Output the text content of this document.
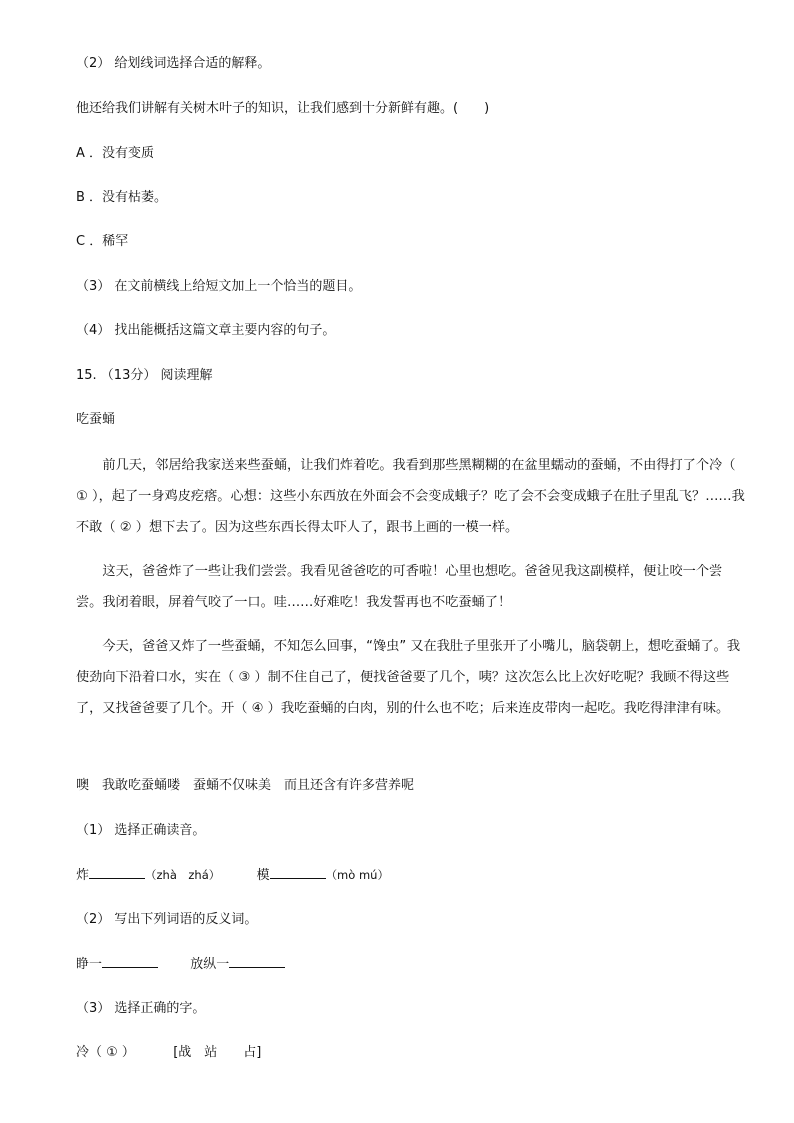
（2） 给划线词选择合适的解释。
他还给我们讲解有关树木叶子的知识，让我们感到十分新鲜有趣。(　　)
A ．没有变质
B ．没有枯萎。
C ．稀罕
（3） 在文前横线上给短文加上一个恰当的题目。
（4） 找出能概括这篇文章主要内容的句子。
15. （13分） 阅读理解
吃蚕蛹
前几天，邻居给我家送来些蚕蛹，让我们炸着吃。我看到那些黑糊糊的在盆里蠕动的蚕蛹，不由得打了个冷（ ① ），起了一身鸡皮疙瘩。心想：这些小东西放在外面会不会变成蛾子？吃了会不会变成蛾子在肚子里乱飞？……我不敢（ ② ）想下去了。因为这些东西长得太吓人了，跟书上画的一模一样。
这天，爸爸炸了一些让我们尝尝。我看见爸爸吃的可香啦！心里也想吃。爸爸见我这副模样，便让咬一个尝尝。我闭着眼，屏着气咬了一口。哇……好难吃！我发誓再也不吃蚕蛹了！
今天，爸爸又炸了一些蚕蛹，不知怎么回事，“馋虫” 又在我肚子里张开了小嘴儿，脑袋朝上，想吃蚕蛹了。我使劲向下沿着口水，实在（ ③ ）制不住自己了，便找爸爸要了几个，咦？这次怎么比上次好吃呢？我顾不得这些了，又找爸爸要了几个。开（ ④ ）我吃蚕蛹的白肉，别的什么也不吃；后来连皮带肉一起吃。我吃得津津有味。
噢　我敢吃蚕蛹喽　蚕蛹不仅味美　而且还含有许多营养呢
（1） 选择正确读音。
炸	（zhà　zhá）	模	（mò mú）
（2） 写出下列词语的反义词。
睁一	放纵一
（3） 选择正确的字。
冷（ ① ）	[战　站　　占]
